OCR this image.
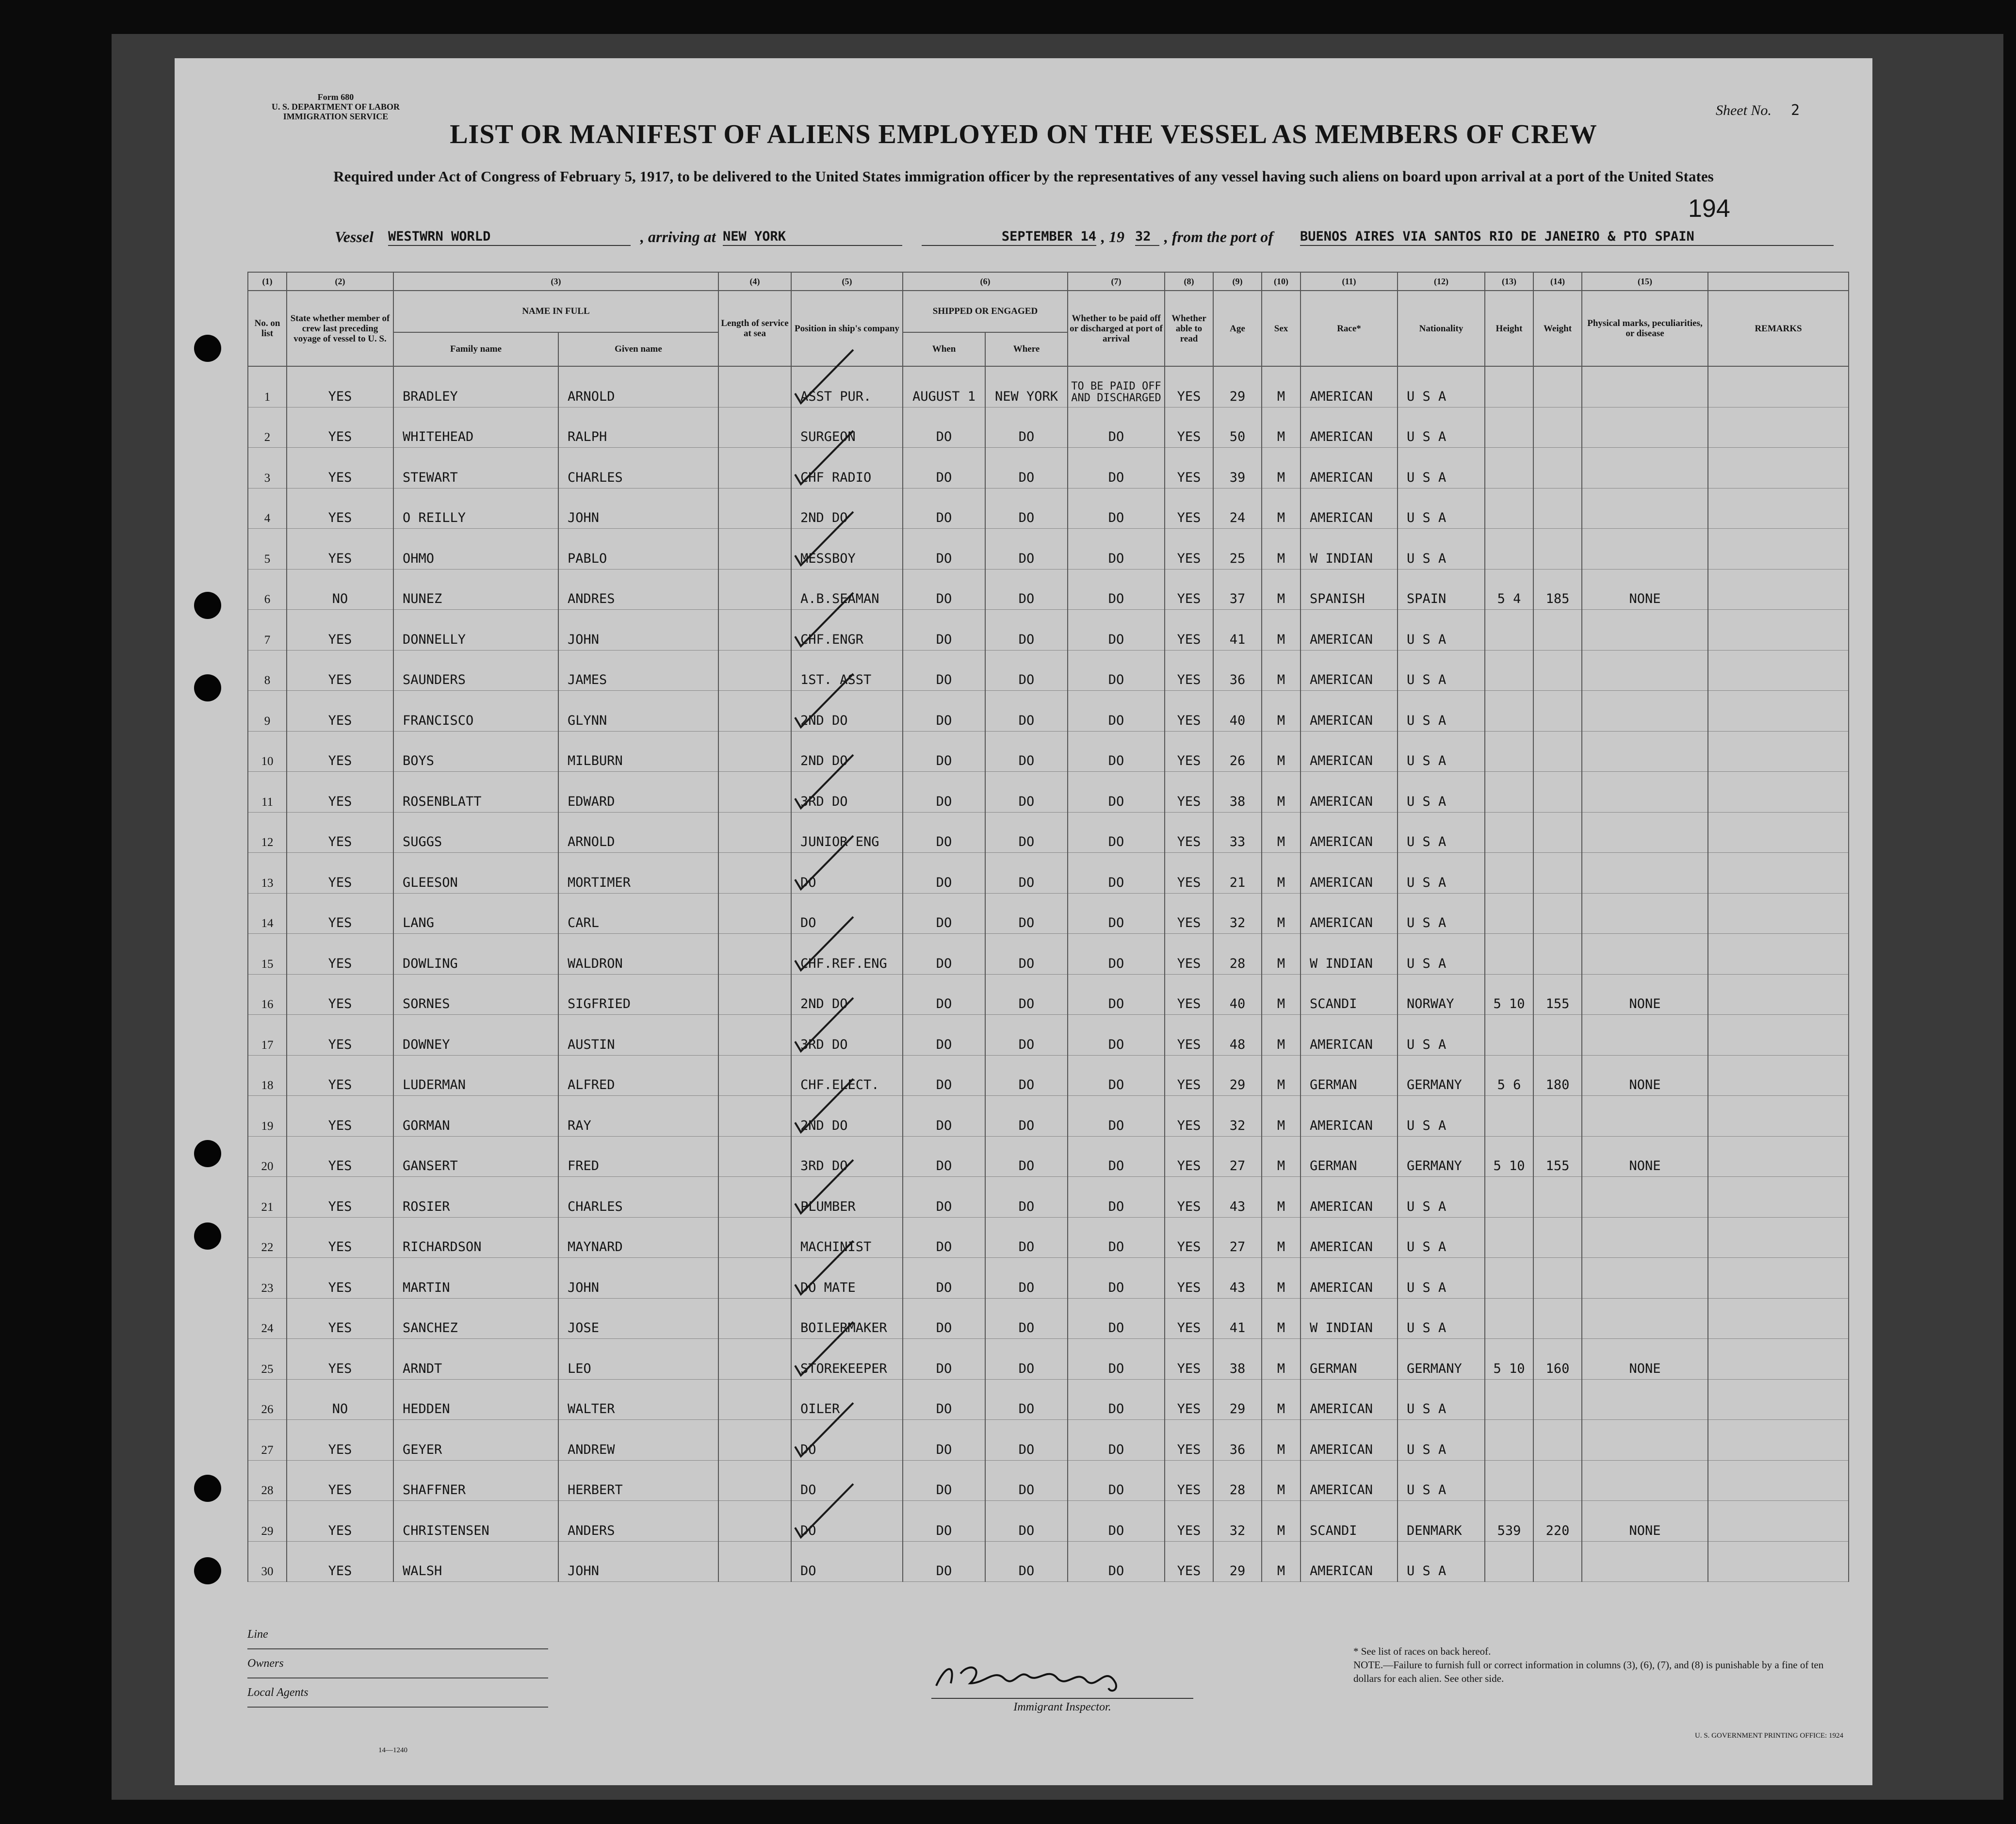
Form 680
U. S. DEPARTMENT OF LABOR
IMMIGRATION SERVICE	Sheet No. 2
LIST OR MANIFEST OF ALIENS EMPLOYED ON THE VESSEL AS MEMBERS OF CREW
Required under Act of Congress of February 5, 1917, to be delivered to the United States immigration officer by the representatives of any vessel having such aliens on board upon arrival at a port of the United States
194
Vessel WESTWRN WORLD	, arriving at NEW YORK	SEPTEMBER 14 , 19 32 , from the port of BUENOS AIRES VIA SANTOS RIO DE JANEIRO & PTO SPAIN
(1)	(2)	(3)		(4)	(5)	(6)		(7)	(8)	(9)	(10)	(11)	(12)	(13)	(14)	(15)	
No. on list	State whether member of crew last preceding voyage of vessel to U. S.	NAME IN FULL		Length of service at sea	Position in ship's company	SHIPPED OR ENGAGED		Whether to be paid off or discharged at port of arrival	Whether able to read	Age	Sex	Race*	Nationality	Height	Weight	Physical marks, peculiarities, or disease	REMARKS
		Family name	Given name			When	Where										
1	YES	BRADLEY	ARNOLD		ASST PUR.	AUGUST 1	NEW YORK	TO BE PAID OFF AND DISCHARGED	YES	29	M	AMERICAN	U S A				
2	YES	WHITEHEAD	RALPH		SURGEON	DO	DO	DO	YES	50	M	AMERICAN	U S A				
3	YES	STEWART	CHARLES		CHF RADIO	DO	DO	DO	YES	39	M	AMERICAN	U S A				
4	YES	O REILLY	JOHN		2ND DO	DO	DO	DO	YES	24	M	AMERICAN	U S A				
5	YES	OHMO	PABLO		MESSBOY	DO	DO	DO	YES	25	M	W INDIAN	U S A				
6	NO	NUNEZ	ANDRES		A.B.SEAMAN	DO	DO	DO	YES	37	M	SPANISH	SPAIN	5 4	185	NONE	
7	YES	DONNELLY	JOHN		CHF.ENGR	DO	DO	DO	YES	41	M	AMERICAN	U S A				
8	YES	SAUNDERS	JAMES		1ST. ASST	DO	DO	DO	YES	36	M	AMERICAN	U S A				
9	YES	FRANCISCO	GLYNN		2ND DO	DO	DO	DO	YES	40	M	AMERICAN	U S A				
10	YES	BOYS	MILBURN		2ND DO	DO	DO	DO	YES	26	M	AMERICAN	U S A				
11	YES	ROSENBLATT	EDWARD		3RD DO	DO	DO	DO	YES	38	M	AMERICAN	U S A				
12	YES	SUGGS	ARNOLD		JUNIOR ENG	DO	DO	DO	YES	33	M	AMERICAN	U S A				
13	YES	GLEESON	MORTIMER		DO	DO	DO	DO	YES	21	M	AMERICAN	U S A				
14	YES	LANG	CARL		DO	DO	DO	DO	YES	32	M	AMERICAN	U S A				
15	YES	DOWLING	WALDRON		CHF.REF.ENG	DO	DO	DO	YES	28	M	W INDIAN	U S A				
16	YES	SORNES	SIGFRIED		2ND DO	DO	DO	DO	YES	40	M	SCANDI	NORWAY	5 10	155	NONE	
17	YES	DOWNEY	AUSTIN		3RD DO	DO	DO	DO	YES	48	M	AMERICAN	U S A				
18	YES	LUDERMAN	ALFRED		CHF.ELECT.	DO	DO	DO	YES	29	M	GERMAN	GERMANY	5 6	180	NONE	
19	YES	GORMAN	RAY		2ND DO	DO	DO	DO	YES	32	M	AMERICAN	U S A				
20	YES	GANSERT	FRED		3RD DO	DO	DO	DO	YES	27	M	GERMAN	GERMANY	5 10	155	NONE	
21	YES	ROSIER	CHARLES		PLUMBER	DO	DO	DO	YES	43	M	AMERICAN	U S A				
22	YES	RICHARDSON	MAYNARD		MACHINIST	DO	DO	DO	YES	27	M	AMERICAN	U S A				
23	YES	MARTIN	JOHN		DO MATE	DO	DO	DO	YES	43	M	AMERICAN	U S A				
24	YES	SANCHEZ	JOSE		BOILERMAKER	DO	DO	DO	YES	41	M	W INDIAN	U S A				
25	YES	ARNDT	LEO		STOREKEEPER	DO	DO	DO	YES	38	M	GERMAN	GERMANY	5 10	160	NONE	
26	NO	HEDDEN	WALTER		OILER	DO	DO	DO	YES	29	M	AMERICAN	U S A				
27	YES	GEYER	ANDREW		DO	DO	DO	DO	YES	36	M	AMERICAN	U S A				
28	YES	SHAFFNER	HERBERT		DO	DO	DO	DO	YES	28	M	AMERICAN	U S A				
29	YES	CHRISTENSEN	ANDERS		DO	DO	DO	DO	YES	32	M	SCANDI	DENMARK	539	220	NONE	
30	YES	WALSH	JOHN		DO	DO	DO	DO	YES	29	M	AMERICAN	U S A				
Line
Owners
Local Agents
14—1240
Immigrant Inspector.
* See list of races on back hereof.
NOTE.—Failure to furnish full or correct information in columns (3), (6), (7), and (8) is punishable by a fine of ten dollars for each alien. See other side.
U. S. GOVERNMENT PRINTING OFFICE: 1924
